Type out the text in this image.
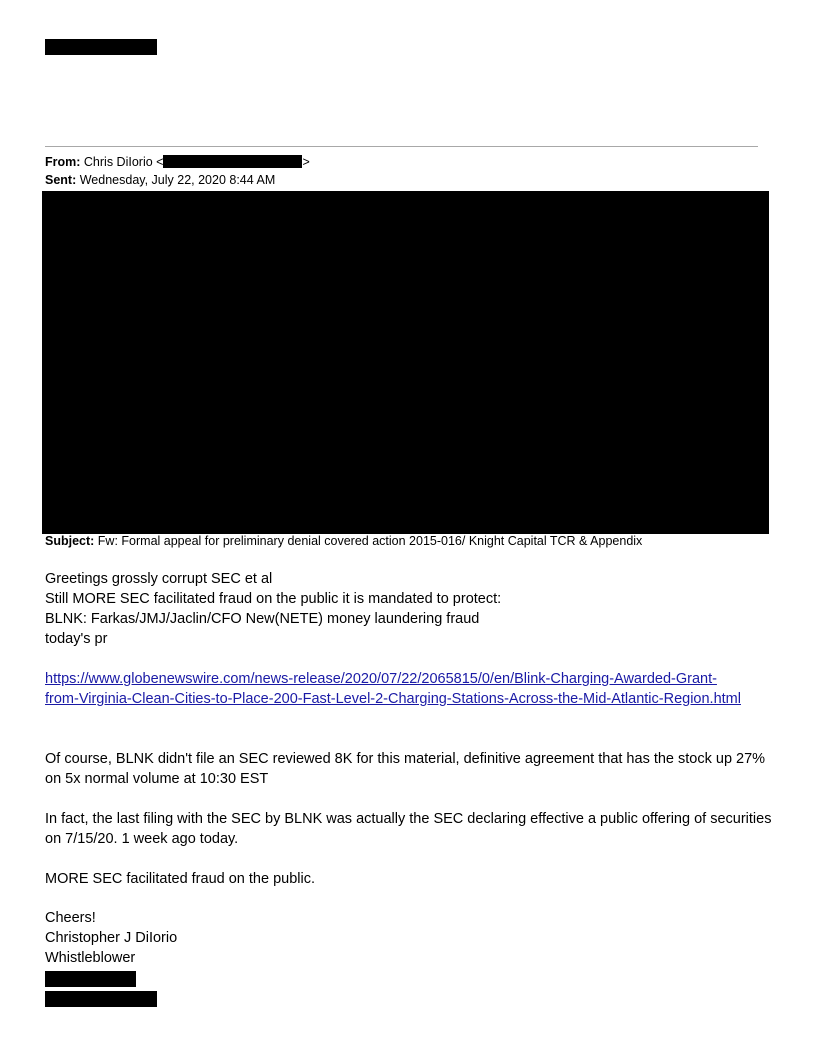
From: Chris DiIorio <	>
Sent: Wednesday, July 22, 2020 8:44 AM
Subject: Fw: Formal appeal for preliminary denial covered action 2015-016/ Knight Capital TCR & Appendix
Greetings grossly corrupt SEC et al
Still MORE SEC facilitated fraud on the public it is mandated to protect:
BLNK: Farkas/JMJ/Jaclin/CFO New(NETE) money laundering fraud
today's pr
https://www.globenewswire.com/news-release/2020/07/22/2065815/0/en/Blink-Charging-Awarded-Grant-
from-Virginia-Clean-Cities-to-Place-200-Fast-Level-2-Charging-Stations-Across-the-Mid-Atlantic-Region.html
Of course, BLNK didn't file an SEC reviewed 8K for this material, definitive agreement that has the stock up 27%
on 5x normal volume at 10:30 EST
In fact, the last filing with the SEC by BLNK was actually the SEC declaring effective a public offering of securities
on 7/15/20. 1 week ago today.
MORE SEC facilitated fraud on the public.
Cheers!
Christopher J DiIorio
Whistleblower
